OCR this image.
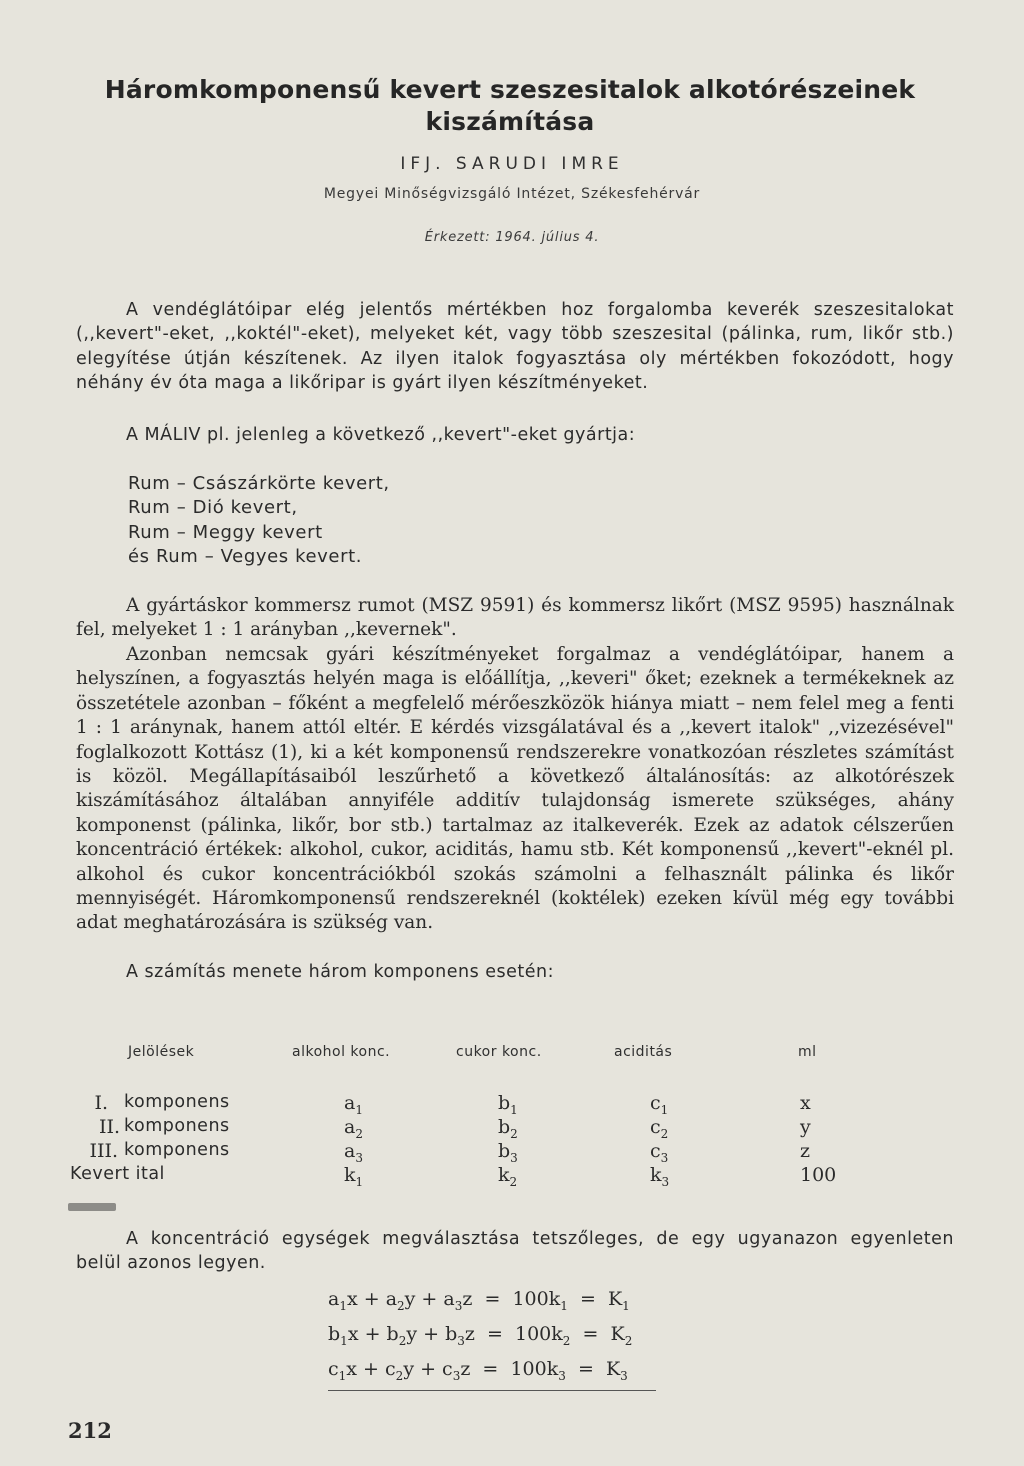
Háromkomponensű kevert szeszesitalok alkotórészeinek kiszámítása
IFJ. SARUDI IMRE
Megyei Minőségvizsgáló Intézet, Székesfehérvár
Érkezett: 1964. július 4.

A vendéglátóipar elég jelentős mértékben hoz forgalomba keverék szeszesitalokat (,,kevert"-eket, ,,koktél"-eket), melyeket két, vagy több szeszesital (pálinka, rum, likőr stb.) elegyítése útján készítenek. Az ilyen italok fogyasztása oly mértékben fokozódott, hogy néhány év óta maga a likőripar is gyárt ilyen készítményeket.

A MÁLIV pl. jelenleg a következő ,,kevert"-eket gyártja:

Rum – Császárkörte kevert,
Rum – Dió kevert,
Rum – Meggy kevert
és Rum – Vegyes kevert.

A gyártáskor kommersz rumot (MSZ 9591) és kommersz likőrt (MSZ 9595) használnak fel, melyeket 1 : 1 arányban ,,kevernek".

Azonban nemcsak gyári készítményeket forgalmaz a vendéglátóipar, hanem a helyszínen, a fogyasztás helyén maga is előállítja, ,,keveri" őket; ezeknek a termékeknek az összetétele azonban – főként a megfelelő mérőeszközök hiánya miatt – nem felel meg a fenti 1 : 1 aránynak, hanem attól eltér. E kérdés vizsgálatával és a ,,kevert italok" ,,vizezésével" foglalkozott Kottász (1), ki a két komponensű rendszerekre vonatkozóan részletes számítást is közöl. Megállapításaiból leszűrhető a következő általánosítás: az alkotórészek kiszámításához általában annyiféle additív tulajdonság ismerete szükséges, ahány komponenst (pálinka, likőr, bor stb.) tartalmaz az italkeverék. Ezek az adatok célszerűen koncentráció értékek: alkohol, cukor, aciditás, hamu stb. Két komponensű ,,kevert"-eknél pl. alkohol és cukor koncentrációkból szokás számolni a felhasznált pálinka és likőr mennyiségét. Háromkomponensű rendszereknél (koktélek) ezeken kívül még egy további adat meghatározására is szükség van.

A számítás menete három komponens esetén:

Jelölések	alkohol konc.	cukor konc.	aciditás	ml
I. komponens	$a_1$	$b_1$	$c_1$	x
II. komponens	$a_2$	$b_2$	$c_2$	y
III. komponens	$a_3$	$b_3$	$c_3$	z
Kevert ital	$k_1$	$k_2$	$k_3$	100

A koncentráció egységek megválasztása tetszőleges, de egy ugyanazon egyenleten belül azonos legyen.

$a_1x + a_2y + a_3z = 100k_1 = K_1$
$b_1x + b_2y + b_3z = 100k_2 = K_2$
$c_1x + c_2y + c_3z = 100k_3 = K_3$
212
